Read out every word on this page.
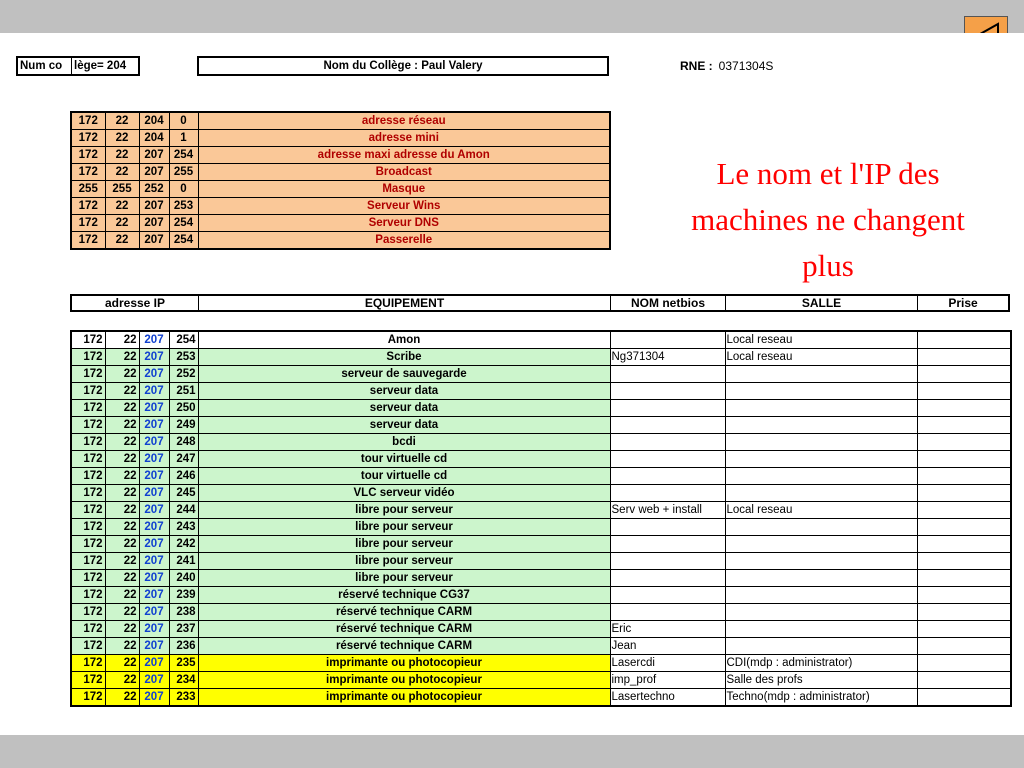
Num co	lège= 204	Nom du Collège : Paul Valery	RNE : 0371304S
172	22	204	0	adresse réseau
172	22	204	1	adresse mini
172	22	207	254	adresse maxi adresse du Amon
172	22	207	255	Broadcast
255	255	252	0	Masque
172	22	207	253	Serveur Wins
172	22	207	254	Serveur DNS
172	22	207	254	Passerelle
Le nom et l'IP des machines ne changent plus
adresse IP	EQUIPEMENT	NOM netbios	SALLE	Prise
172	22	207	254	Amon		Local reseau	
172	22	207	253	Scribe	Ng371304	Local reseau	
172	22	207	252	serveur de sauvegarde			
172	22	207	251	serveur data			
172	22	207	250	serveur data			
172	22	207	249	serveur data			
172	22	207	248	bcdi			
172	22	207	247	tour virtuelle cd			
172	22	207	246	tour virtuelle cd			
172	22	207	245	VLC serveur vidéo			
172	22	207	244	libre pour serveur	Serv web + install	Local reseau	
172	22	207	243	libre pour serveur			
172	22	207	242	libre pour serveur			
172	22	207	241	libre pour serveur			
172	22	207	240	libre pour serveur			
172	22	207	239	réservé technique CG37			
172	22	207	238	réservé technique CARM			
172	22	207	237	réservé technique CARM	Eric		
172	22	207	236	réservé technique CARM	Jean		
172	22	207	235	imprimante ou photocopieur	Lasercdi	CDI(mdp : administrator)	
172	22	207	234	imprimante ou photocopieur	imp_prof	Salle des profs	
172	22	207	233	imprimante ou photocopieur	Lasertechno	Techno(mdp : administrator)	
